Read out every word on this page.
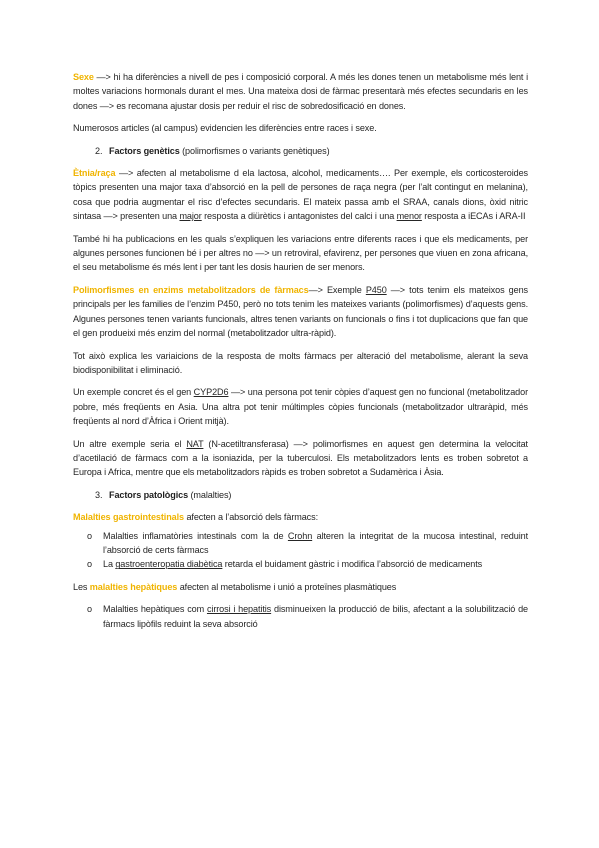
Sexe —> hi ha diferències a nivell de pes i composició corporal. A més les dones tenen un metabolisme més lent i moltes variacions hormonals durant el mes. Una mateixa dosi de fàrmac presentarà més efectes secundaris en les dones —> es recomana ajustar dosis per reduir el risc de sobredosificació en dones.

Numerosos articles (al campus) evidencien les diferències entre races i sexe.

2. Factors genètics (polimorfismes o variants genètiques)

Ètnia/raça —> afecten al metabolisme d ela lactosa, alcohol, medicaments…. Per exemple, els corticosteroides tòpics presenten una major taxa d’absorció en la pell de persones de raça negra (per l’alt contingut en melanina), cosa que podria augmentar el risc d’efectes secundaris. El mateix passa amb el SRAA, canals dions, òxid nitric sintasa —> presenten una major resposta a diürètics i antagonistes del calci i una menor resposta a iECAs i ARA-II

També hi ha publicacions en les quals s’expliquen les variacions entre diferents races i que els medicaments, per algunes persones funcionen bé i per altres no —> un retroviral, efavirenz, per persones que viuen en zona africana, el seu metabolisme és més lent i per tant les dosis haurien de ser menors.

Polimorfismes en enzims metabolitzadors de fàrmacs—> Exemple P450 —> tots tenim els mateixos gens principals per les families de l’enzim P450, però no tots tenim les mateixes variants (polimorfismes) d’aquests gens. Algunes persones tenen variants funcionals, altres tenen variants on funcionals o fins i tot duplicacions que fan que el gen produeixi més enzim del normal (metabolitzador ultra-ràpid).

Tot això explica les variaicions de la resposta de molts fàrmacs per alteració del metabolisme, alerant la seva biodisponibilitat i eliminació.

Un exemple concret és el gen CYP2D6 —> una persona pot tenir còpies d’aquest gen no funcional (metabolitzador pobre, més freqüents en Asia. Una altra pot tenir múltimples còpies funcionals (metabolitzador ultraràpid, més freqüents al nord d’Àfrica i Orient mitjà).

Un altre exemple seria el NAT (N-acetiltransferasa) —> polimorfismes en aquest gen determina la velocitat d’acetilació de fàrmacs com a la isoniazida, per la tuberculosi. Els metabolitzadors lents es troben sobretot a Europa i Africa, mentre que els metabolitzadors ràpids es troben sobretot a Sudamèrica i Àsia.

3. Factors patològics (malalties)

Malalties gastrointestinals afecten a l’absorció dels fàrmacs:

o Malalties inflamatòries intestinals com la de Crohn alteren la integritat de la mucosa intestinal, reduint l’absorció de certs fàrmacs
o La gastroenteropatia diabètica retarda el buidament gàstric i modifica l’absorció de medicaments

Les malalties hepàtiques afecten al metabolisme i unió a proteïnes plasmàtiques

o Malalties hepàtiques com cirrosi i hepatitis disminueixen la producció de bilis, afectant a la solubilització de fàrmacs lipòfils reduint la seva absorció
